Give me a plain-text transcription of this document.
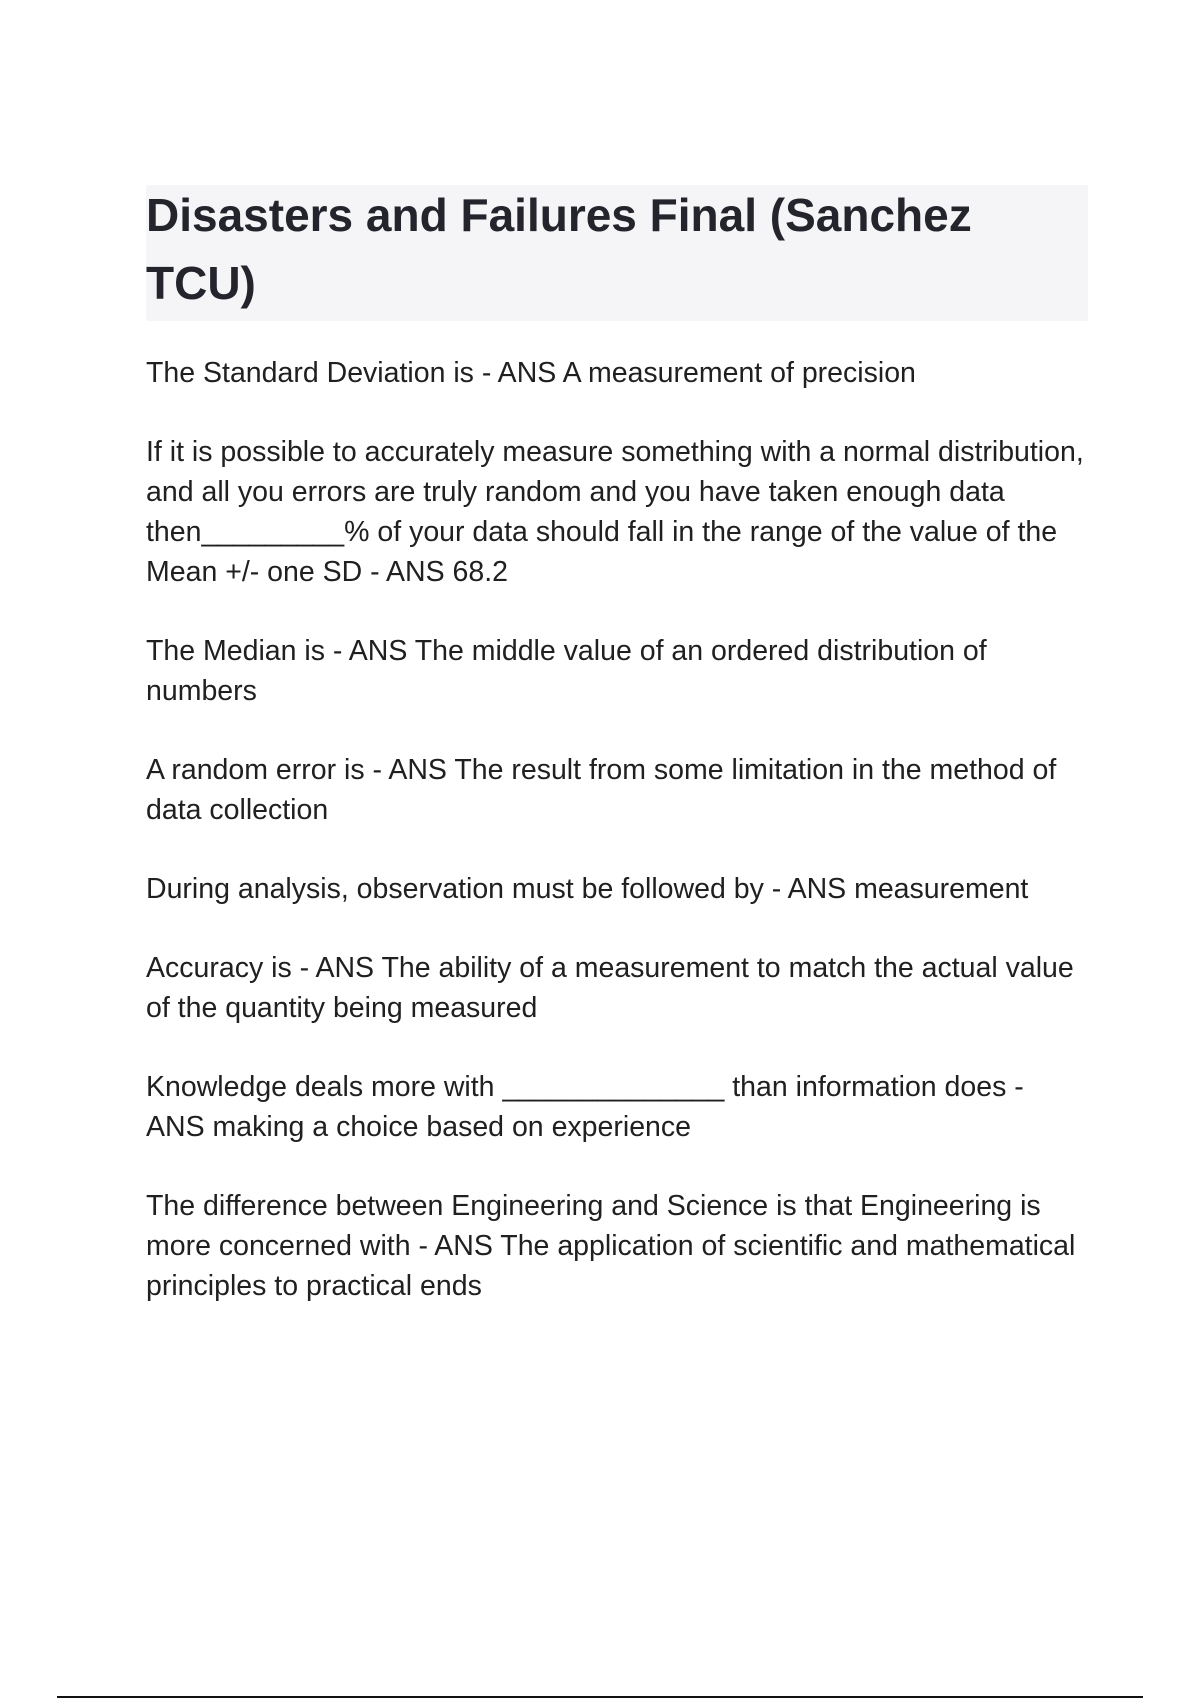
Disasters and Failures Final (Sanchez TCU)

The Standard Deviation is - ANS A measurement of precision

If it is possible to accurately measure something with a normal distribution, and all you errors are truly random and you have taken enough data then_________% of your data should fall in the range of the value of the Mean +/- one SD - ANS 68.2

The Median is - ANS The middle value of an ordered distribution of numbers

A random error is - ANS The result from some limitation in the method of data collection

During analysis, observation must be followed by - ANS measurement

Accuracy is - ANS The ability of a measurement to match the actual value of the quantity being measured

Knowledge deals more with ______________ than information does - ANS making a choice based on experience

The difference between Engineering and Science is that Engineering is more concerned with - ANS The application of scientific and mathematical principles to practical ends
